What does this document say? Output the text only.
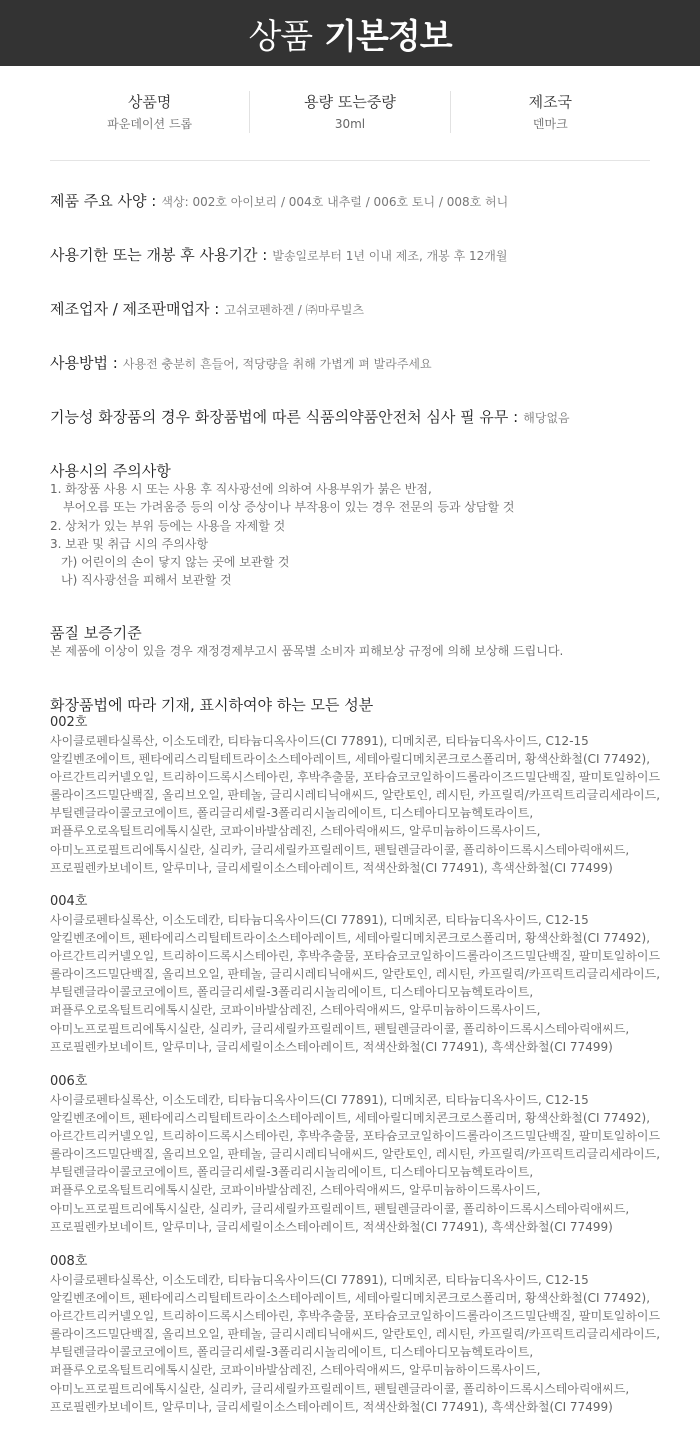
상품 기본정보
상품명
파운데이션 드롭
용량 또는중량
30ml
제조국
덴마크
제품 주요 사양 : 색상: 002호 아이보리 / 004호 내추럴 / 006호 토니 / 008호 허니
사용기한 또는 개봉 후 사용기간 : 발송일로부터 1년 이내 제조, 개봉 후 12개월
제조업자 / 제조판매업자 : 고쉬코펜하겐 / ㈜마루빌츠
사용방법 : 사용전 충분히 흔들어, 적당량을 취해 가볍게 펴 발라주세요
기능성 화장품의 경우 화장품법에 따른 식품의약품안전처 심사 필 유무 : 해당없음
사용시의 주의사항
1. 화장품 사용 시 또는 사용 후 직사광선에 의하여 사용부위가 붉은 반점,
부어오름 또는 가려움증 등의 이상 증상이나 부작용이 있는 경우 전문의 등과 상담할 것
2. 상처가 있는 부위 등에는 사용을 자제할 것
3. 보관 및 취급 시의 주의사항
가) 어린이의 손이 닿지 않는 곳에 보관할 것
나) 직사광선을 피해서 보관할 것
품질 보증기준
본 제품에 이상이 있을 경우 재정경제부고시 품목별 소비자 피해보상 규정에 의해 보상해 드립니다.
화장품법에 따라 기재, 표시하여야 하는 모든 성분
002호
사이클로펜타실록산, 이소도데칸, 티타늄디옥사이드(CI 77891), 디메치콘, 티타늄디옥사이드, C12-15
알킬벤조에이트, 펜타에리스리틸테트라이소스테아레이트, 세테아릴디메치콘크로스폴리머, 황색산화철(CI 77492),
아르간트리커넬오일, 트리하이드록시스테아린, 후박추출물, 포타슘코코일하이드롤라이즈드밀단백질, 팔미토일하이드
롤라이즈드밀단백질, 올리브오일, 판테놀, 글리시레티닉애씨드, 알란토인, 레시틴, 카프릴릭/카프릭트리글리세라이드,
부틸렌글라이콜코코에이트, 폴리글리세릴-3폴리리시놀리에이트, 디스테아디모늄헥토라이트,
퍼플루오로옥틸트리에톡시실란, 코파이바발삼레진, 스테아릭애씨드, 알루미늄하이드록사이드,
아미노프로필트리에톡시실란, 실리카, 글리세릴카프릴레이트, 펜틸렌글라이콜, 폴리하이드록시스테아릭애씨드,
프로필렌카보네이트, 알루미나, 글리세릴이소스테아레이트, 적색산화철(CI 77491), 흑색산화철(CI 77499)
004호
사이클로펜타실록산, 이소도데칸, 티타늄디옥사이드(CI 77891), 디메치콘, 티타늄디옥사이드, C12-15
알킬벤조에이트, 펜타에리스리틸테트라이소스테아레이트, 세테아릴디메치콘크로스폴리머, 황색산화철(CI 77492),
아르간트리커넬오일, 트리하이드록시스테아린, 후박추출물, 포타슘코코일하이드롤라이즈드밀단백질, 팔미토일하이드
롤라이즈드밀단백질, 올리브오일, 판테놀, 글리시레티닉애씨드, 알란토인, 레시틴, 카프릴릭/카프릭트리글리세라이드,
부틸렌글라이콜코코에이트, 폴리글리세릴-3폴리리시놀리에이트, 디스테아디모늄헥토라이트,
퍼플루오로옥틸트리에톡시실란, 코파이바발삼레진, 스테아릭애씨드, 알루미늄하이드록사이드,
아미노프로필트리에톡시실란, 실리카, 글리세릴카프릴레이트, 펜틸렌글라이콜, 폴리하이드록시스테아릭애씨드,
프로필렌카보네이트, 알루미나, 글리세릴이소스테아레이트, 적색산화철(CI 77491), 흑색산화철(CI 77499)
006호
사이클로펜타실록산, 이소도데칸, 티타늄디옥사이드(CI 77891), 디메치콘, 티타늄디옥사이드, C12-15
알킬벤조에이트, 펜타에리스리틸테트라이소스테아레이트, 세테아릴디메치콘크로스폴리머, 황색산화철(CI 77492),
아르간트리커넬오일, 트리하이드록시스테아린, 후박추출물, 포타슘코코일하이드롤라이즈드밀단백질, 팔미토일하이드
롤라이즈드밀단백질, 올리브오일, 판테놀, 글리시레티닉애씨드, 알란토인, 레시틴, 카프릴릭/카프릭트리글리세라이드,
부틸렌글라이콜코코에이트, 폴리글리세릴-3폴리리시놀리에이트, 디스테아디모늄헥토라이트,
퍼플루오로옥틸트리에톡시실란, 코파이바발삼레진, 스테아릭애씨드, 알루미늄하이드록사이드,
아미노프로필트리에톡시실란, 실리카, 글리세릴카프릴레이트, 펜틸렌글라이콜, 폴리하이드록시스테아릭애씨드,
프로필렌카보네이트, 알루미나, 글리세릴이소스테아레이트, 적색산화철(CI 77491), 흑색산화철(CI 77499)
008호
사이클로펜타실록산, 이소도데칸, 티타늄디옥사이드(CI 77891), 디메치콘, 티타늄디옥사이드, C12-15
알킬벤조에이트, 펜타에리스리틸테트라이소스테아레이트, 세테아릴디메치콘크로스폴리머, 황색산화철(CI 77492),
아르간트리커넬오일, 트리하이드록시스테아린, 후박추출물, 포타슘코코일하이드롤라이즈드밀단백질, 팔미토일하이드
롤라이즈드밀단백질, 올리브오일, 판테놀, 글리시레티닉애씨드, 알란토인, 레시틴, 카프릴릭/카프릭트리글리세라이드,
부틸렌글라이콜코코에이트, 폴리글리세릴-3폴리리시놀리에이트, 디스테아디모늄헥토라이트,
퍼플루오로옥틸트리에톡시실란, 코파이바발삼레진, 스테아릭애씨드, 알루미늄하이드록사이드,
아미노프로필트리에톡시실란, 실리카, 글리세릴카프릴레이트, 펜틸렌글라이콜, 폴리하이드록시스테아릭애씨드,
프로필렌카보네이트, 알루미나, 글리세릴이소스테아레이트, 적색산화철(CI 77491), 흑색산화철(CI 77499)
